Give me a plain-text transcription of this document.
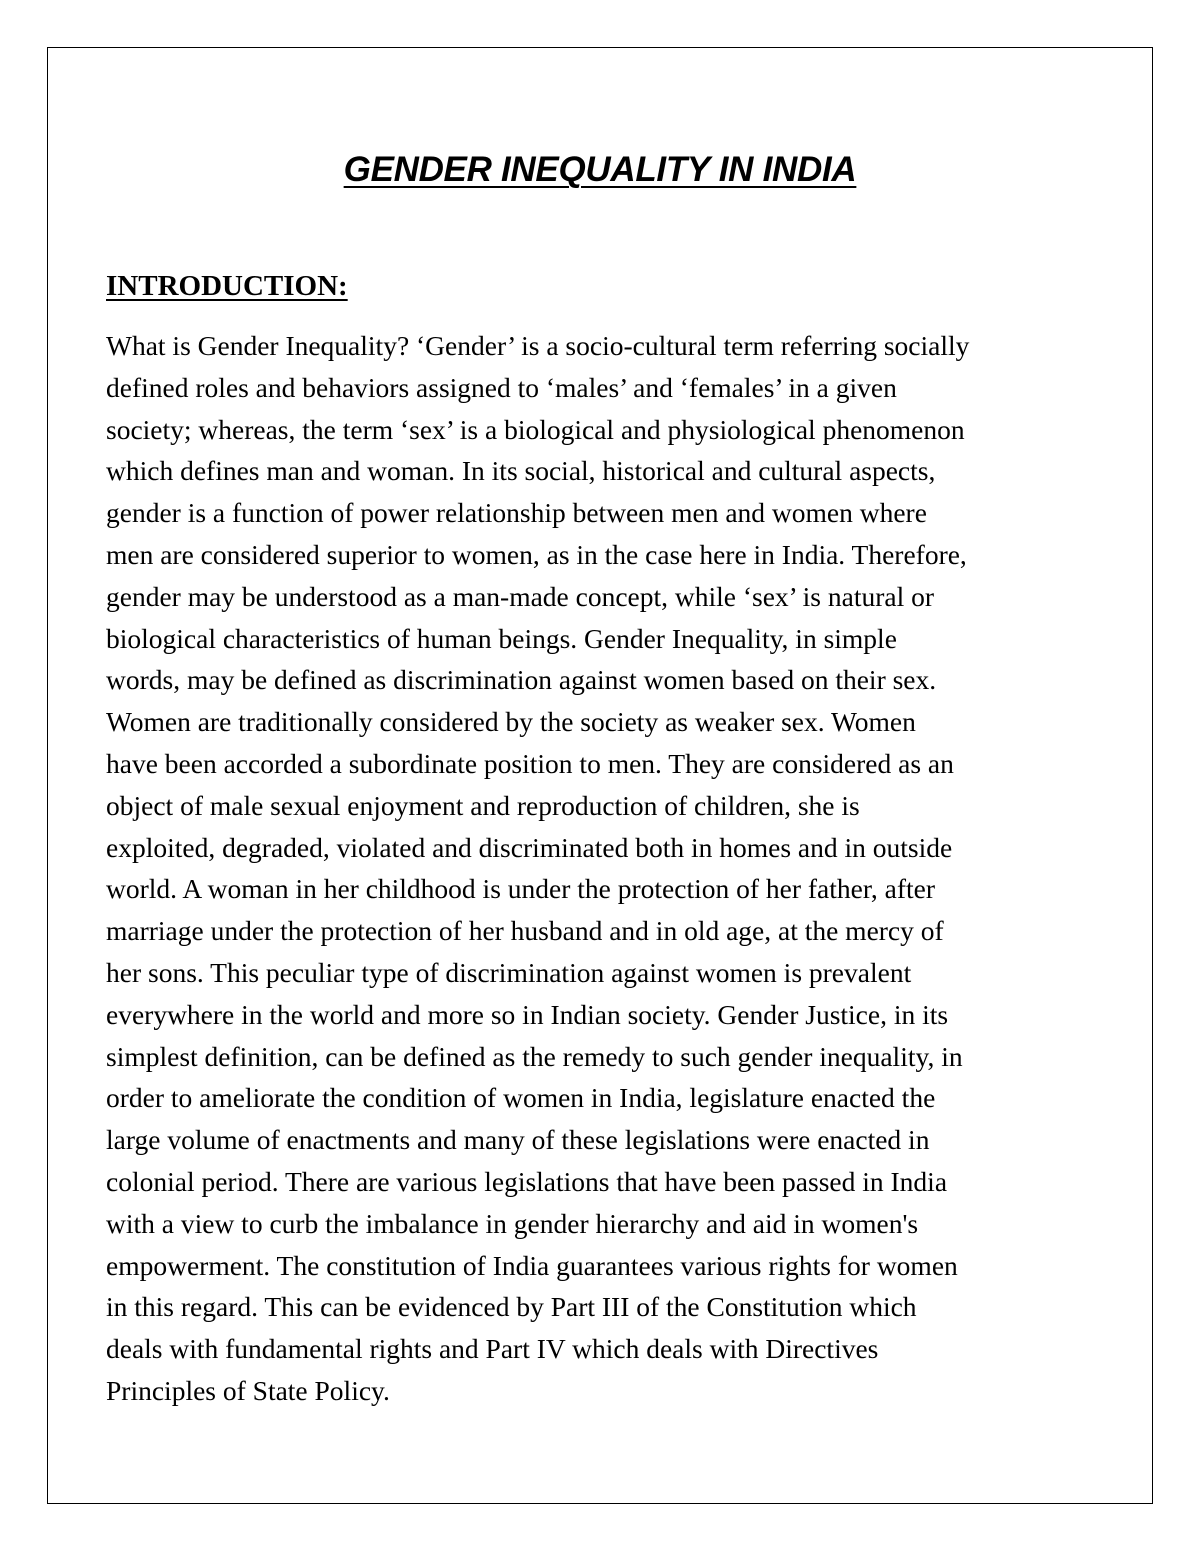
GENDER INEQUALITY IN INDIA
INTRODUCTION:

What is Gender Inequality? ‘Gender’ is a socio-cultural term referring socially
defined roles and behaviors assigned to ‘males’ and ‘females’ in a given
society; whereas, the term ‘sex’ is a biological and physiological phenomenon
which defines man and woman. In its social, historical and cultural aspects,
gender is a function of power relationship between men and women where
men are considered superior to women, as in the case here in India. Therefore,
gender may be understood as a man-made concept, while ‘sex’ is natural or
biological characteristics of human beings. Gender Inequality, in simple
words, may be defined as discrimination against women based on their sex.
Women are traditionally considered by the society as weaker sex. Women
have been accorded a subordinate position to men. They are considered as an
object of male sexual enjoyment and reproduction of children, she is
exploited, degraded, violated and discriminated both in homes and in outside
world. A woman in her childhood is under the protection of her father, after
marriage under the protection of her husband and in old age, at the mercy of
her sons. This peculiar type of discrimination against women is prevalent
everywhere in the world and more so in Indian society. Gender Justice, in its
simplest definition, can be defined as the remedy to such gender inequality, in
order to ameliorate the condition of women in India, legislature enacted the
large volume of enactments and many of these legislations were enacted in
colonial period. There are various legislations that have been passed in India
with a view to curb the imbalance in gender hierarchy and aid in women's
empowerment. The constitution of India guarantees various rights for women
in this regard. This can be evidenced by Part III of the Constitution which
deals with fundamental rights and Part IV which deals with Directives
Principles of State Policy.
